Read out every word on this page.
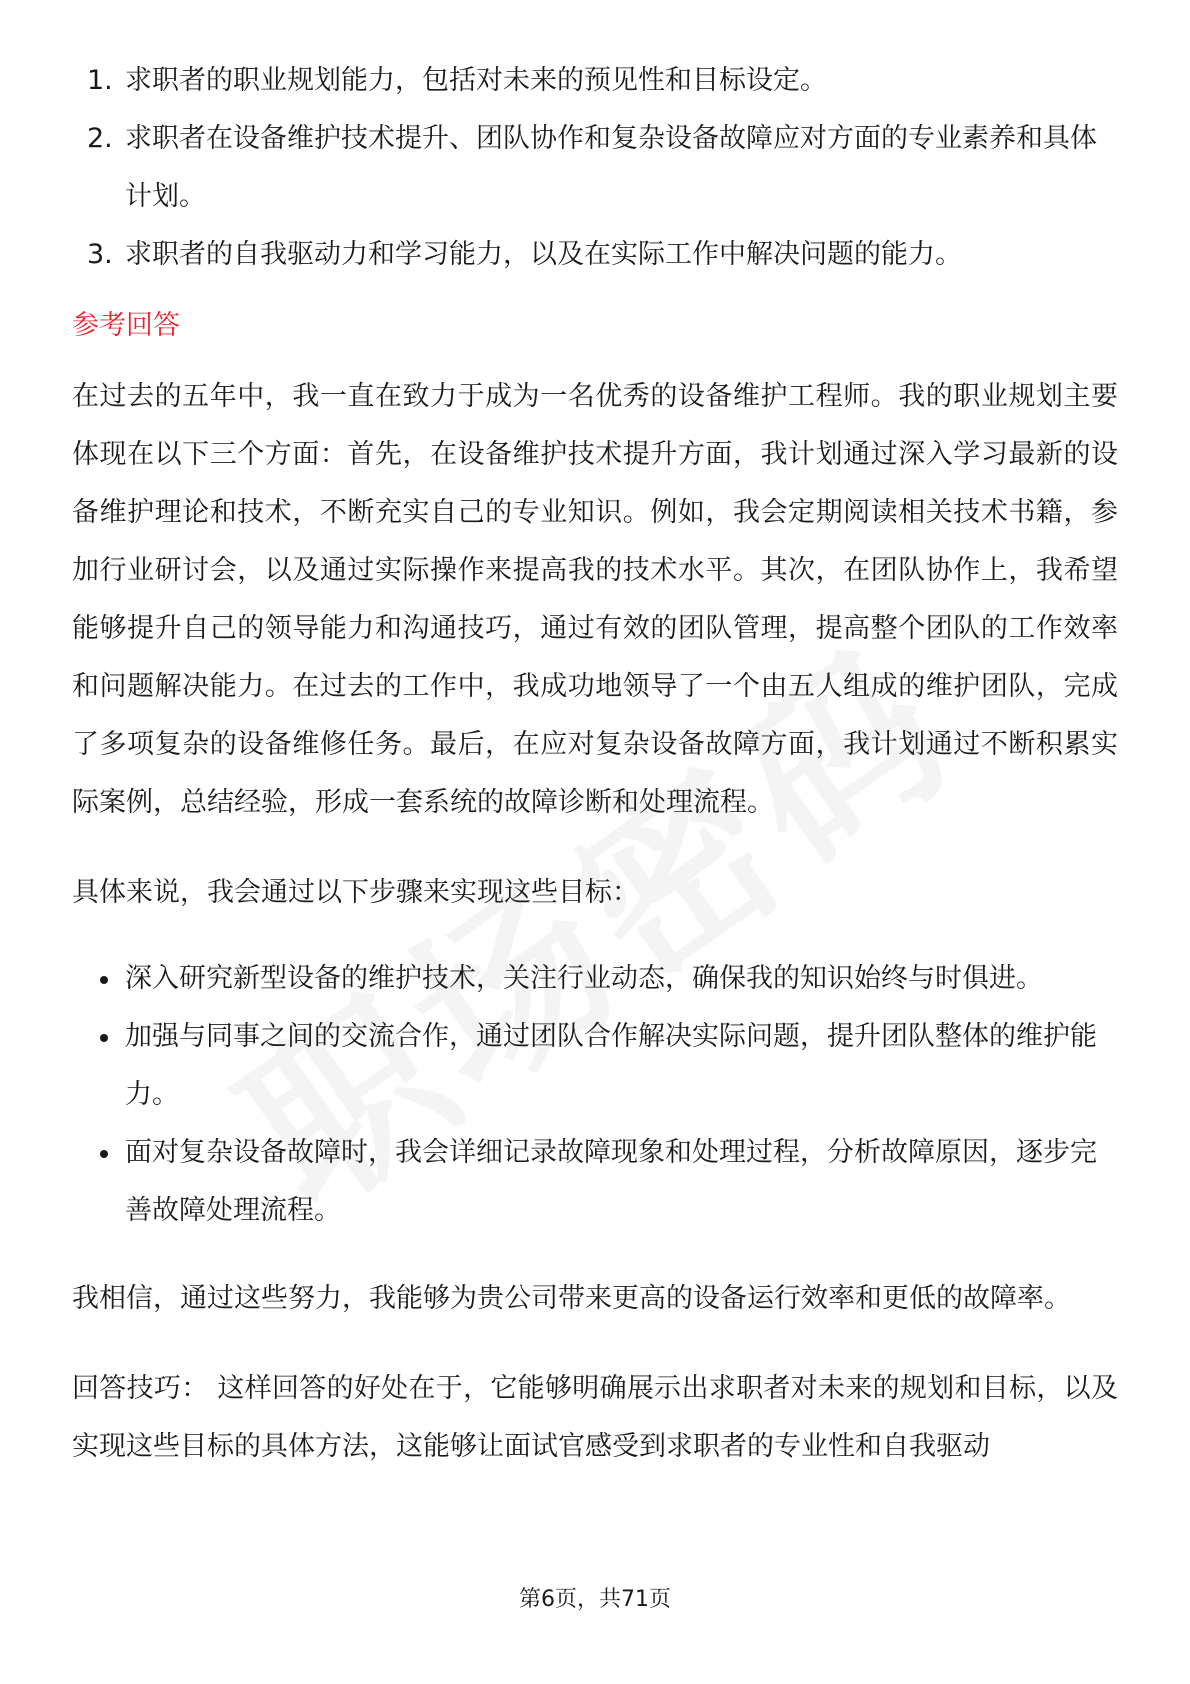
1. 求职者的职业规划能力，包括对未来的预见性和目标设定。
2. 求职者在设备维护技术提升、团队协作和复杂设备故障应对方面的专业素养和具体计划。
3. 求职者的自我驱动力和学习能力，以及在实际工作中解决问题的能力。
参考回答

在过去的五年中，我一直在致力于成为一名优秀的设备维护工程师。我的职业规划主要体现在以下三个方面：首先，在设备维护技术提升方面，我计划通过深入学习最新的设备维护理论和技术，不断充实自己的专业知识。例如，我会定期阅读相关技术书籍，参加行业研讨会，以及通过实际操作来提高我的技术水平。其次，在团队协作上，我希望能够提升自己的领导能力和沟通技巧，通过有效的团队管理，提高整个团队的工作效率和问题解决能力。在过去的工作中，我成功地领导了一个由五人组成的维护团队，完成了多项复杂的设备维修任务。最后，在应对复杂设备故障方面，我计划通过不断积累实际案例，总结经验，形成一套系统的故障诊断和处理流程。

具体来说，我会通过以下步骤来实现这些目标：

深入研究新型设备的维护技术，关注行业动态，确保我的知识始终与时俱进。
加强与同事之间的交流合作，通过团队合作解决实际问题，提升团队整体的维护能力。
面对复杂设备故障时，我会详细记录故障现象和处理过程，分析故障原因，逐步完善故障处理流程。

我相信，通过这些努力，我能够为贵公司带来更高的设备运行效率和更低的故障率。

回答技巧： 这样回答的好处在于，它能够明确展示出求职者对未来的规划和目标，以及实现这些目标的具体方法，这能够让面试官感受到求职者的专业性和自我驱动

第6页，共71页
